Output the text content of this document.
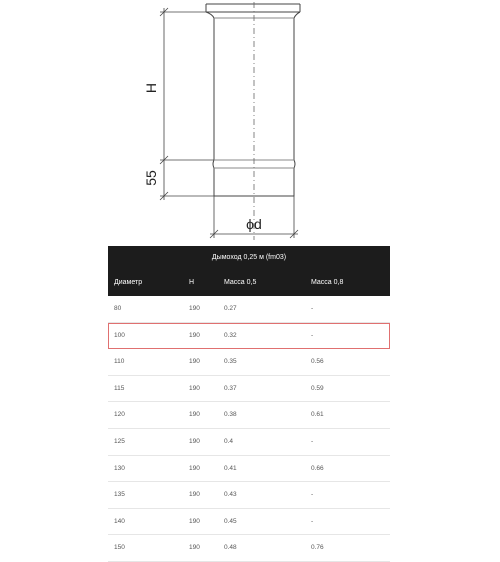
H
55
ϕd
Дымоход 0,25 м (fm03)
Диаметр	H	Масса 0,5	Масса 0,8
80	190	0.27	-
100	190	0.32	-
110	190	0.35	0.56
115	190	0.37	0.59
120	190	0.38	0.61
125	190	0.4	-
130	190	0.41	0.66
135	190	0.43	-
140	190	0.45	-
150	190	0.48	0.76
